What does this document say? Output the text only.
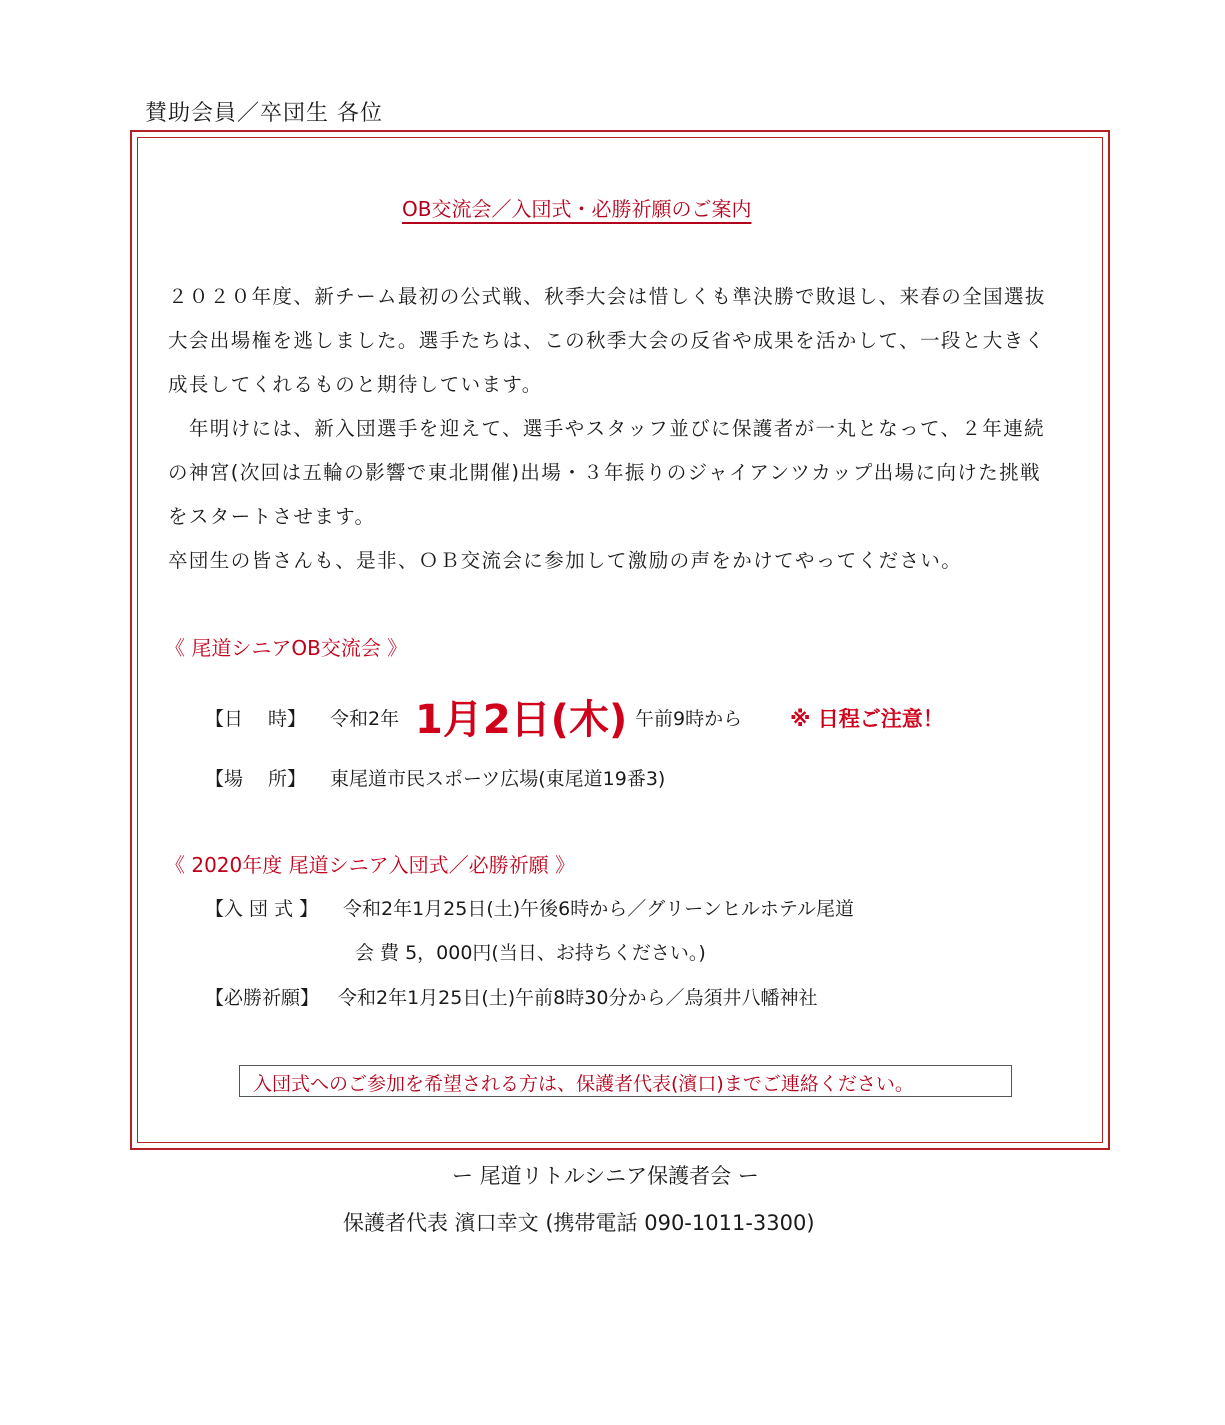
賛助会員／卒団生 各位
OB交流会／入団式・必勝祈願のご案内
２０２０年度、新チーム最初の公式戦、秋季大会は惜しくも準決勝で敗退し、来春の全国選抜
大会出場権を逃しました。選手たちは、この秋季大会の反省や成果を活かして、一段と大きく
成長してくれるものと期待しています。
　年明けには、新入団選手を迎えて、選手やスタッフ並びに保護者が一丸となって、２年連続
の神宮(次回は五輪の影響で東北開催)出場・３年振りのジャイアンツカップ出場に向けた挑戦
をスタートさせます。
卒団生の皆さんも、是非、ＯＢ交流会に参加して激励の声をかけてやってください。
《 尾道シニアOB交流会 》
【日　 時】 令和2年 1月2日(木) 午前9時から ※ 日程ご注意！
【場　 所】 東尾道市民スポーツ広場(東尾道19番3)
《 2020年度 尾道シニア入団式／必勝祈願 》
【入 団 式 】 令和2年1月25日(土)午後6時から／グリーンヒルホテル尾道
会 費 5，000円(当日、お持ちください。)
【必勝祈願】 令和2年1月25日(土)午前8時30分から／烏須井八幡神社
入団式へのご参加を希望される方は、保護者代表(濱口)までご連絡ください。
ー 尾道リトルシニア保護者会 ー
保護者代表 濱口幸文 (携帯電話 090-1011-3300)
